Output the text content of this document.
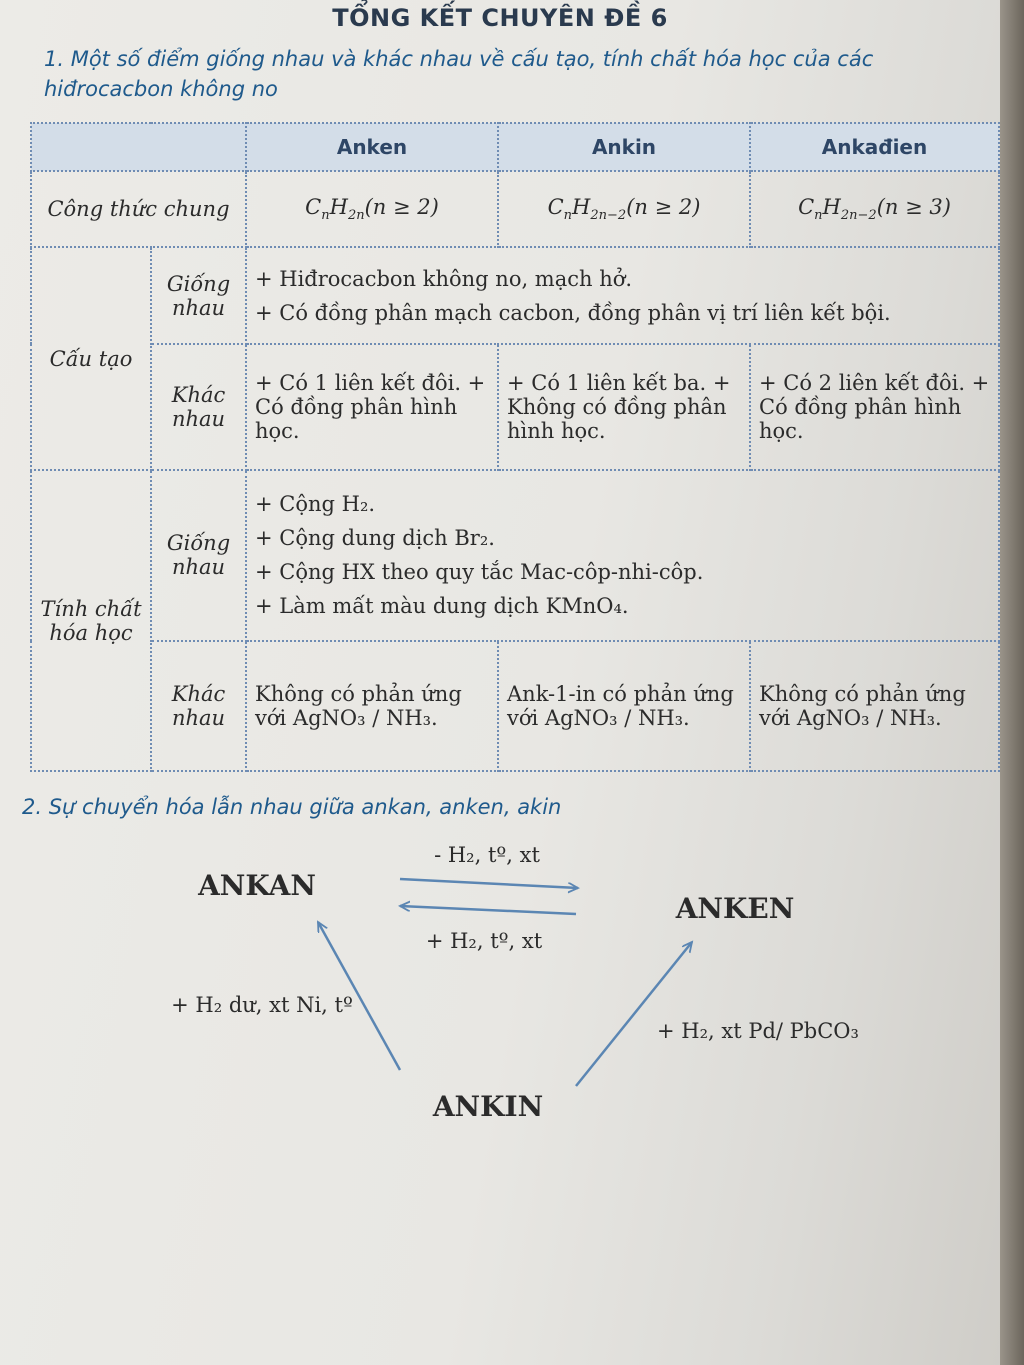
TỔNG KẾT CHUYÊN ĐỀ 6
1. Một số điểm giống nhau và khác nhau về cấu tạo, tính chất hóa học của các hiđrocacbon không no
		Anken	Ankin	Ankađien
Công thức chung		$C_nH_{2n}(n \ge 2)$	$C_nH_{2n-2}(n \ge 2)$	$C_nH_{2n-2}(n \ge 3)$
Cấu tạo	Giống nhau	+ Hiđrocacbon không no, mạch hở.
+ Có đồng phân mạch cacbon, đồng phân vị trí liên kết bội.		

	Khác nhau	+ Có 1 liên kết đôi. + Có đồng phân hình học.	+ Có 1 liên kết ba. + Không có đồng phân hình học.	+ Có 2 liên kết đôi. + Có đồng phân hình học.
Tính chất hóa học	Giống nhau	+ Cộng H₂.
+ Cộng dung dịch Br₂.
+ Cộng HX theo quy tắc Mac-côp-nhi-côp.
+ Làm mất màu dung dịch KMnO₄.		

	Khác nhau	Không có phản ứng với AgNO₃ / NH₃.	Ank-1-in có phản ứng với AgNO₃ / NH₃.	Không có phản ứng với AgNO₃ / NH₃.
2. Sự chuyển hóa lẫn nhau giữa ankan, anken, akin
ANKAN
ANKEN
ANKIN
- H₂, tº, xt
+ H₂, tº, xt
+ H₂ dư, xt Ni, tº
+ H₂, xt Pd/ PbCO₃
